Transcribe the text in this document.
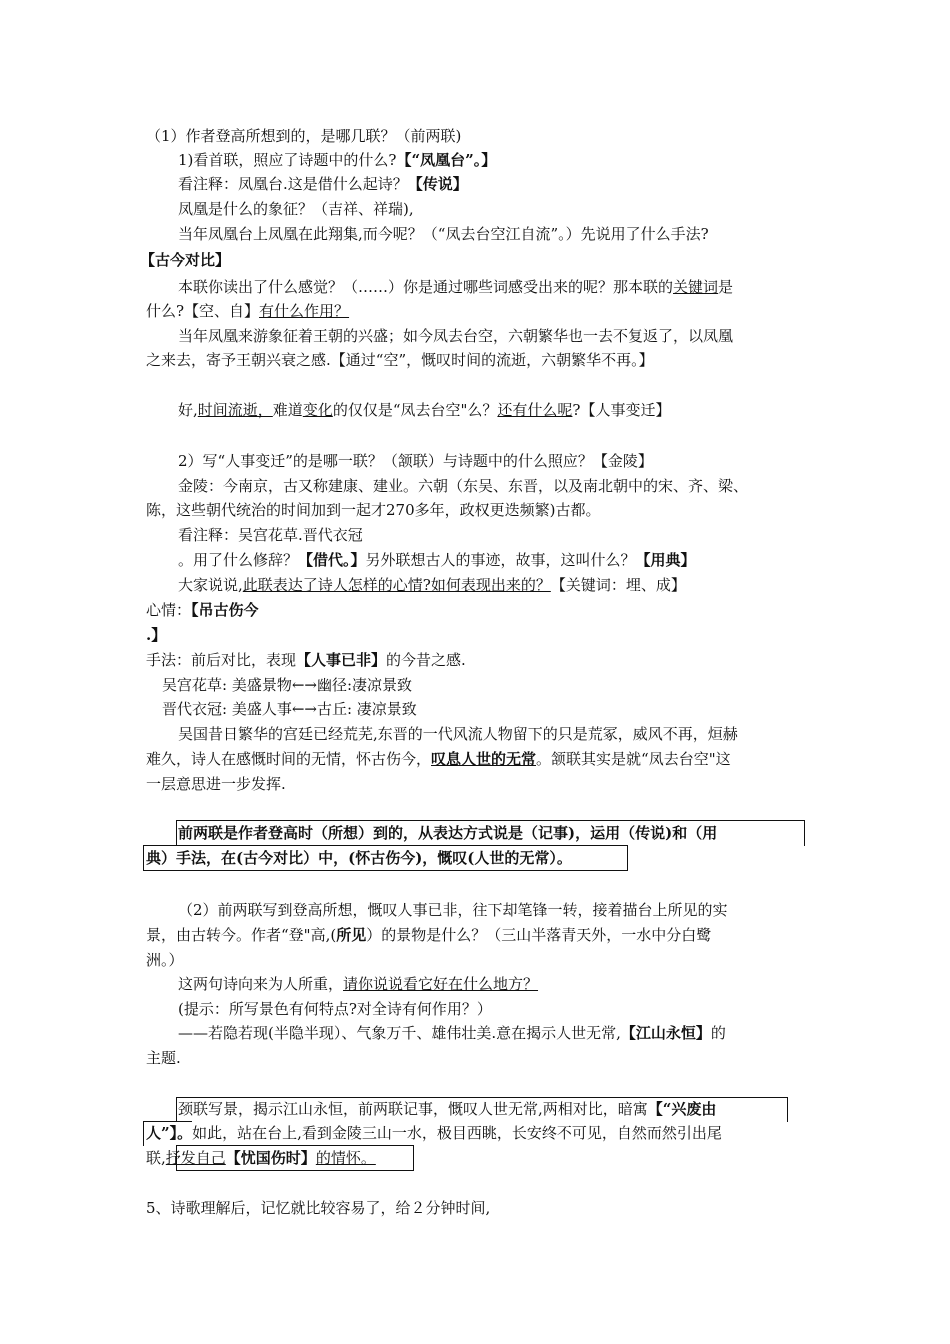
（1）作者登高所想到的，是哪几联？（前两联)
1)看首联，照应了诗题中的什么?【“凤凰台”。】
看注释：凤凰台.这是借什么起诗？【传说】
凤凰是什么的象征？（吉祥、祥瑞),
当年凤凰台上凤凰在此翔集,而今呢？（“凤去台空江自流”。）先说用了什么手法?
【古今对比】
本联你读出了什么感觉？（……）你是通过哪些词感受出来的呢？那本联的关键词是
什么?【空、自】有什么作用？
当年凤凰来游象征着王朝的兴盛；如今凤去台空，六朝繁华也一去不复返了，以凤凰
之来去，寄予王朝兴衰之感.【通过“空”，慨叹时间的流逝，六朝繁华不再。】
好,时间流逝，难道变化的仅仅是“凤去台空"么？还有什么呢?【人事变迁】
2）写“人事变迁”的是哪一联？（颔联）与诗题中的什么照应？【金陵】
金陵：今南京，古又称建康、建业。六朝（东吴、东晋，以及南北朝中的宋、齐、梁、
陈，这些朝代统治的时间加到一起才270多年，政权更迭频繁)古都。
看注释：吴宫花草.晋代衣冠
。用了什么修辞？【借代。】另外联想古人的事迹，故事，这叫什么？【用典】
大家说说,此联表达了诗人怎样的心情?如何表现出来的？【关键词：埋、成】
心情：【吊古伤今
.】
手法：前后对比，表现【人事已非】的今昔之感.
吴宫花草: 美盛景物←→幽径:凄凉景致
晋代衣冠: 美盛人事←→古丘: 凄凉景致
吴国昔日繁华的宫廷已经荒芜,东晋的一代风流人物留下的只是荒冢，威风不再，烜赫
难久，诗人在感慨时间的无情，怀古伤今，叹息人世的无常。颔联其实是就“凤去台空"这
一层意思进一步发挥.
前两联是作者登高时（所想）到的，从表达方式说是（记事)，运用（传说)和（用
典）手法，在(古今对比）中，(怀古伤今)，慨叹(人世的无常）。
（2）前两联写到登高所想，慨叹人事已非，往下却笔锋一转，接着描台上所见的实
景，由古转今。作者“登"高,(所见）的景物是什么？（三山半落青天外，一水中分白鹭
洲。）
这两句诗向来为人所重，请你说说看它好在什么地方？
(提示：所写景色有何特点?对全诗有何作用？）
——若隐若现(半隐半现）、气象万千、雄伟壮美.意在揭示人世无常,【江山永恒】的
主题.
颈联写景，揭示江山永恒，前两联记事，慨叹人世无常,两相对比，暗寓【“兴废由
人”】。如此，站在台上,看到金陵三山一水，极目西眺，长安终不可见，自然而然引出尾
联,抒发自己【忧国伤时】的情怀。
5、诗歌理解后，记忆就比较容易了，给２分钟时间,
